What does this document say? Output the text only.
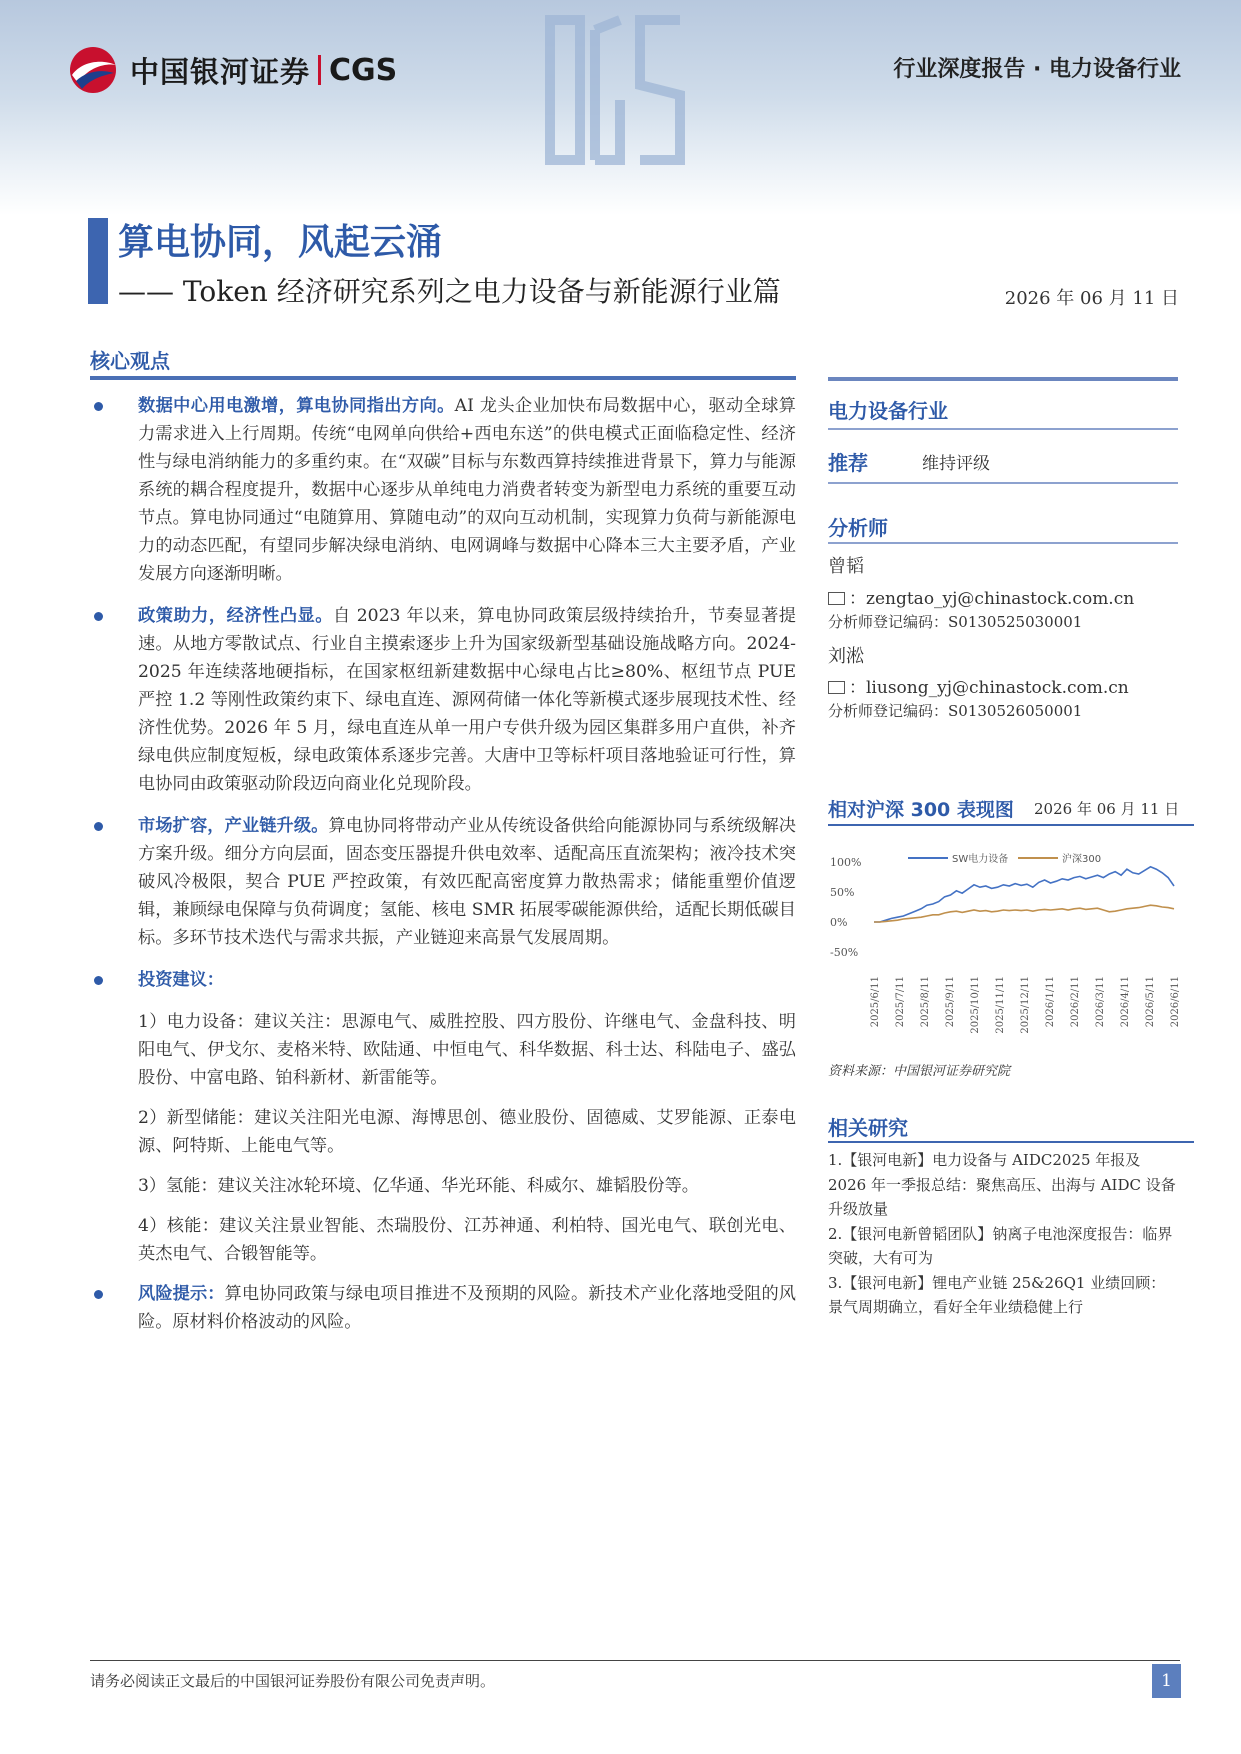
中国银河证券 CGS	行业深度报告 · 电力设备行业
算电协同，风起云涌
—— Token 经济研究系列之电力设备与新能源行业篇	2026 年 06 月 11 日
核心观点
数据中心用电激增，算电协同指出方向。AI 龙头企业加快布局数据中心，驱动全球算力需求进入上行周期。传统“电网单向供给+西电东送”的供电模式正面临稳定性、经济性与绿电消纳能力的多重约束。在“双碳”目标与东数西算持续推进背景下，算力与能源系统的耦合程度提升，数据中心逐步从单纯电力消费者转变为新型电力系统的重要互动节点。算电协同通过“电随算用、算随电动”的双向互动机制，实现算力负荷与新能源电力的动态匹配，有望同步解决绿电消纳、电网调峰与数据中心降本三大主要矛盾，产业发展方向逐渐明晰。
政策助力，经济性凸显。自 2023 年以来，算电协同政策层级持续抬升，节奏显著提速。从地方零散试点、行业自主摸索逐步上升为国家级新型基础设施战略方向。2024-2025 年连续落地硬指标，在国家枢纽新建数据中心绿电占比≥80%、枢纽节点 PUE 严控 1.2 等刚性政策约束下、绿电直连、源网荷储一体化等新模式逐步展现技术性、经济性优势。2026 年 5 月，绿电直连从单一用户专供升级为园区集群多用户直供，补齐绿电供应制度短板，绿电政策体系逐步完善。大唐中卫等标杆项目落地验证可行性，算电协同由政策驱动阶段迈向商业化兑现阶段。
市场扩容，产业链升级。算电协同将带动产业从传统设备供给向能源协同与系统级解决方案升级。细分方向层面，固态变压器提升供电效率、适配高压直流架构；液冷技术突破风冷极限，契合 PUE 严控政策，有效匹配高密度算力散热需求；储能重塑价值逻辑，兼顾绿电保障与负荷调度；氢能、核电 SMR 拓展零碳能源供给，适配长期低碳目标。多环节技术迭代与需求共振，产业链迎来高景气发展周期。
投资建议：
1）电力设备：建议关注：思源电气、威胜控股、四方股份、许继电气、金盘科技、明阳电气、伊戈尔、麦格米特、欧陆通、中恒电气、科华数据、科士达、科陆电子、盛弘股份、中富电路、铂科新材、新雷能等。
2）新型储能：建议关注阳光电源、海博思创、德业股份、固德威、艾罗能源、正泰电源、阿特斯、上能电气等。
3）氢能：建议关注冰轮环境、亿华通、华光环能、科威尔、雄韬股份等。
4）核能：建议关注景业智能、杰瑞股份、江苏神通、利柏特、国光电气、联创光电、英杰电气、合锻智能等。
风险提示：算电协同政策与绿电项目推进不及预期的风险。新技术产业化落地受阻的风险。原材料价格波动的风险。
电力设备行业
推荐	维持评级
分析师
曾韬
：zengtao_yj@chinastock.com.cn
分析师登记编码：S0130525030001
刘淞
：liusong_yj@chinastock.com.cn
分析师登记编码：S0130526050001
相对沪深 300 表现图 2026 年 06 月 11 日
100%
50%
0%
-50%
2025/6/11 2025/7/11 2025/8/11 2025/9/11 2025/10/11 2025/11/11 2025/12/11 2026/1/11 2026/2/11 2026/3/11 2026/4/11 2026/5/11 2026/6/11
SW电力设备	沪深300
资料来源：中国银河证券研究院
相关研究
1.【银河电新】电力设备与 AIDC2025 年报及 2026 年一季报总结：聚焦高压、出海与 AIDC 设备升级放量
2.【银河电新曾韬团队】钠离子电池深度报告：临界突破，大有可为
3.【银河电新】锂电产业链 25&26Q1 业绩回顾：景气周期确立，看好全年业绩稳健上行
请务必阅读正文最后的中国银河证券股份有限公司免责声明。	1
